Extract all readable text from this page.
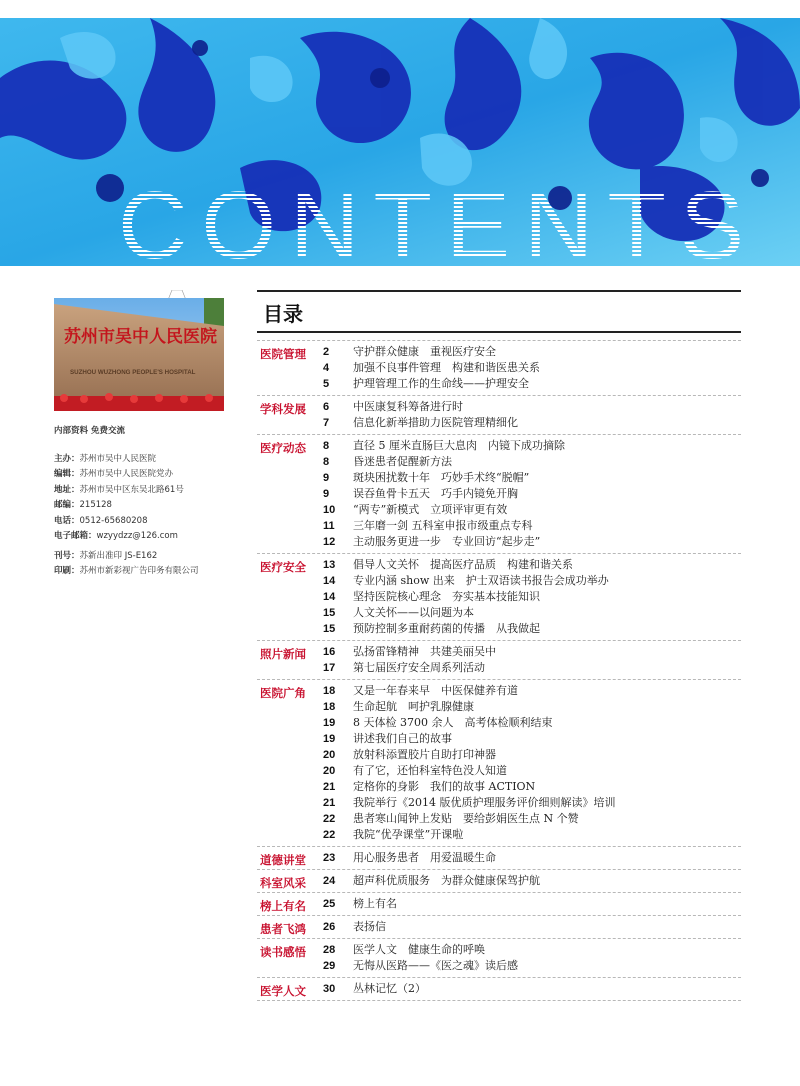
CONTENTS
苏州市吴中人民医院
SUZHOU WUZHONG PEOPLE'S HOSPITAL
内部资料 免费交流
主办：苏州市吴中人民医院
编辑：苏州市吴中人民医院党办
地址：苏州市吴中区东吴北路61号
邮编：215128
电话：0512-65680208
电子邮箱：wzyydzz@126.com
刊号：苏新出准印 JS-E162
印刷：苏州市新彩视广告印务有限公司
目录
医院管理 2	守护群众健康　重视医疗安全
4	加强不良事件管理　构建和谐医患关系
5	护理管理工作的生命线——护理安全
学科发展 6	中医康复科筹备进行时
7	信息化新举措助力医院管理精细化
医疗动态 8	直径 5 厘米直肠巨大息肉　内镜下成功摘除
8	昏迷患者促醒新方法
9	斑块困扰数十年　巧妙手术终“脱帽”
9	误吞鱼骨卡五天　巧手内镜免开胸
10	“两专”新模式　立项评审更有效
11	三年磨一剑 五科室申报市级重点专科
12	主动服务更进一步　专业回访“起步走”
医疗安全 13	倡导人文关怀　提高医疗品质　构建和谐关系
14	专业内涵 show 出来　护士双语读书报告会成功举办
14	坚持医院核心理念　夯实基本技能知识
15	人文关怀——以问题为本
15	预防控制多重耐药菌的传播　从我做起
照片新闻 16	弘扬雷锋精神　共建美丽吴中
17	第七届医疗安全周系列活动
医院广角 18	又是一年春来早　中医保健养有道
18	生命起航　呵护乳腺健康
19	8 天体检 3700 余人　高考体检顺利结束
19	讲述我们自己的故事
20	放射科添置胶片自助打印神器
20	有了它，还怕科室特色没人知道
21	定格你的身影　我们的故事 ACTION
21	我院举行《2014 版优质护理服务评价细则解读》培训
22	患者寒山闻钟上发贴　要给彭娟医生点 N 个赞
22	我院“优孕课堂”开课啦
道德讲堂 23	用心服务患者　用爱温暖生命
科室风采 24	超声科优质服务　为群众健康保驾护航
榜上有名 25	榜上有名
患者飞鸿 26	表扬信
读书感悟 28	医学人文　健康生命的呼唤
29	无悔从医路——《医之魂》读后感
医学人文 30	丛林记忆（2）
